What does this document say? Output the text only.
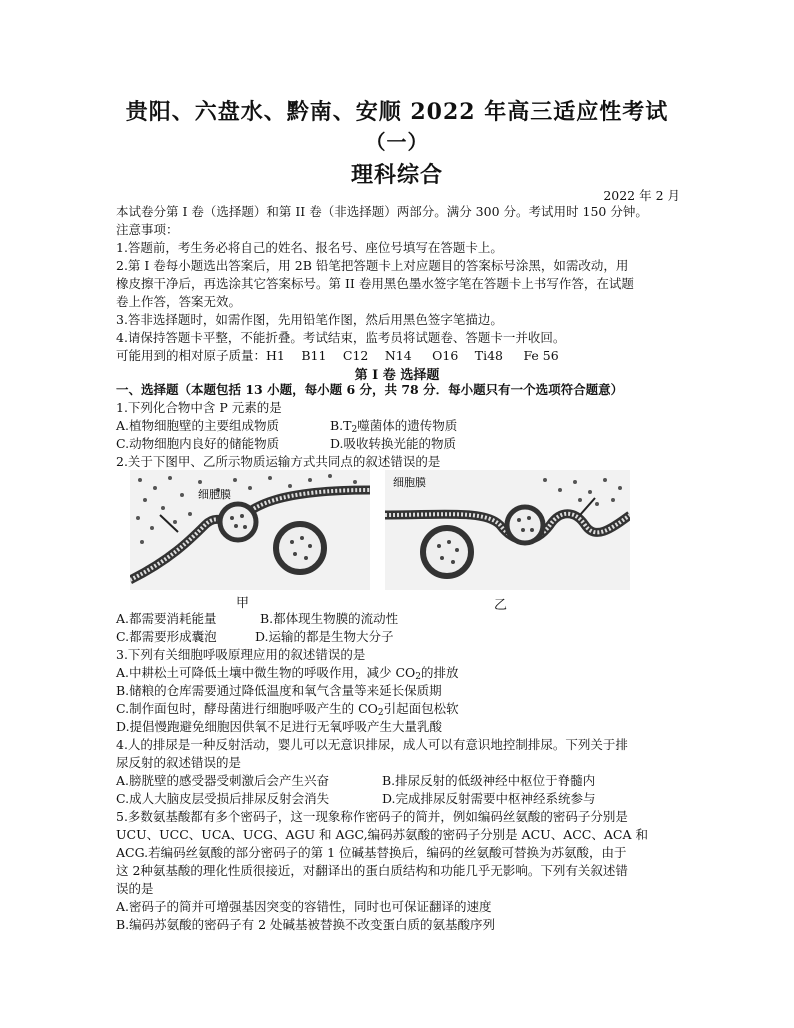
贵阳、六盘水、黔南、安顺 2022 年高三适应性考试
（一）
理科综合
2022 年 2 月
本试卷分第 I 卷（选择题）和第 II 卷（非选择题）两部分。满分 300 分。考试用时 150 分钟。
注意事项：
1.答题前，考生务必将自己的姓名、报名号、座位号填写在答题卡上。
2.第 I 卷每小题选出答案后，用 2B 铅笔把答题卡上对应题目的答案标号涂黑，如需改动，用
橡皮擦干净后，再选涂其它答案标号。第 II 卷用黑色墨水签字笔在答题卡上书写作答，在试题
卷上作答，答案无效。
3.答非选择题时，如需作图，先用铅笔作图，然后用黑色签字笔描边。
4.请保持答题卡平整，不能折叠。考试结束，监考员将试题卷、答题卡一并收回。
可能用到的相对原子质量：H1　 B11 　C12 　N14 　 O16 　Ti48 　 Fe 56
第 I 卷 选择题
一、选择题（本题包括 13 小题，每小题 6 分，共 78 分．每小题只有一个选项符合题意）
1.下列化合物中含 P 元素的是
A.植物细胞壁的主要组成物质	$B.T_2$噬菌体的遗传物质
C.动物细胞内良好的储能物质	D.吸收转换光能的物质
2.关于下图甲、乙所示物质运输方式共同点的叙述错误的是
细胞膜
甲
细胞膜
乙
A.都需要消耗能量	B.都体现生物膜的流动性
C.都需要形成囊泡	D.运输的都是生物大分子
3.下列有关细胞呼吸原理应用的叙述错误的是
A.中耕松土可降低土壤中微生物的呼吸作用，减少 $CO_2$的排放
B.储粮的仓库需要通过降低温度和氧气含量等来延长保质期
C.制作面包时，酵母菌进行细胞呼吸产生的 $CO_2$引起面包松软
D.提倡慢跑避免细胞因供氧不足进行无氧呼吸产生大量乳酸
4.人的排尿是一种反射活动，婴儿可以无意识排尿，成人可以有意识地控制排尿。下列关于排
尿反射的叙述错误的是
A.膀胱壁的感受器受刺激后会产生兴奋	B.排尿反射的低级神经中枢位于脊髓内
C.成人大脑皮层受损后排尿反射会消失	D.完成排尿反射需要中枢神经系统参与
5.多数氨基酸都有多个密码子，这一现象称作密码子的简并，例如编码丝氨酸的密码子分别是
UCU、UCC、UCA、UCG、AGU 和 AGC,编码苏氨酸的密码子分别是 ACU、ACC、ACA 和
ACG.若编码丝氨酸的部分密码子的第 1 位碱基替换后，编码的丝氨酸可替换为苏氨酸，由于
这 2种氨基酸的理化性质很接近，对翻译出的蛋白质结构和功能几乎无影响。下列有关叙述错
误的是
A.密码子的简并可增强基因突变的容错性，同时也可保证翻译的速度
B.编码苏氨酸的密码子有 2 处碱基被替换不改变蛋白质的氨基酸序列
